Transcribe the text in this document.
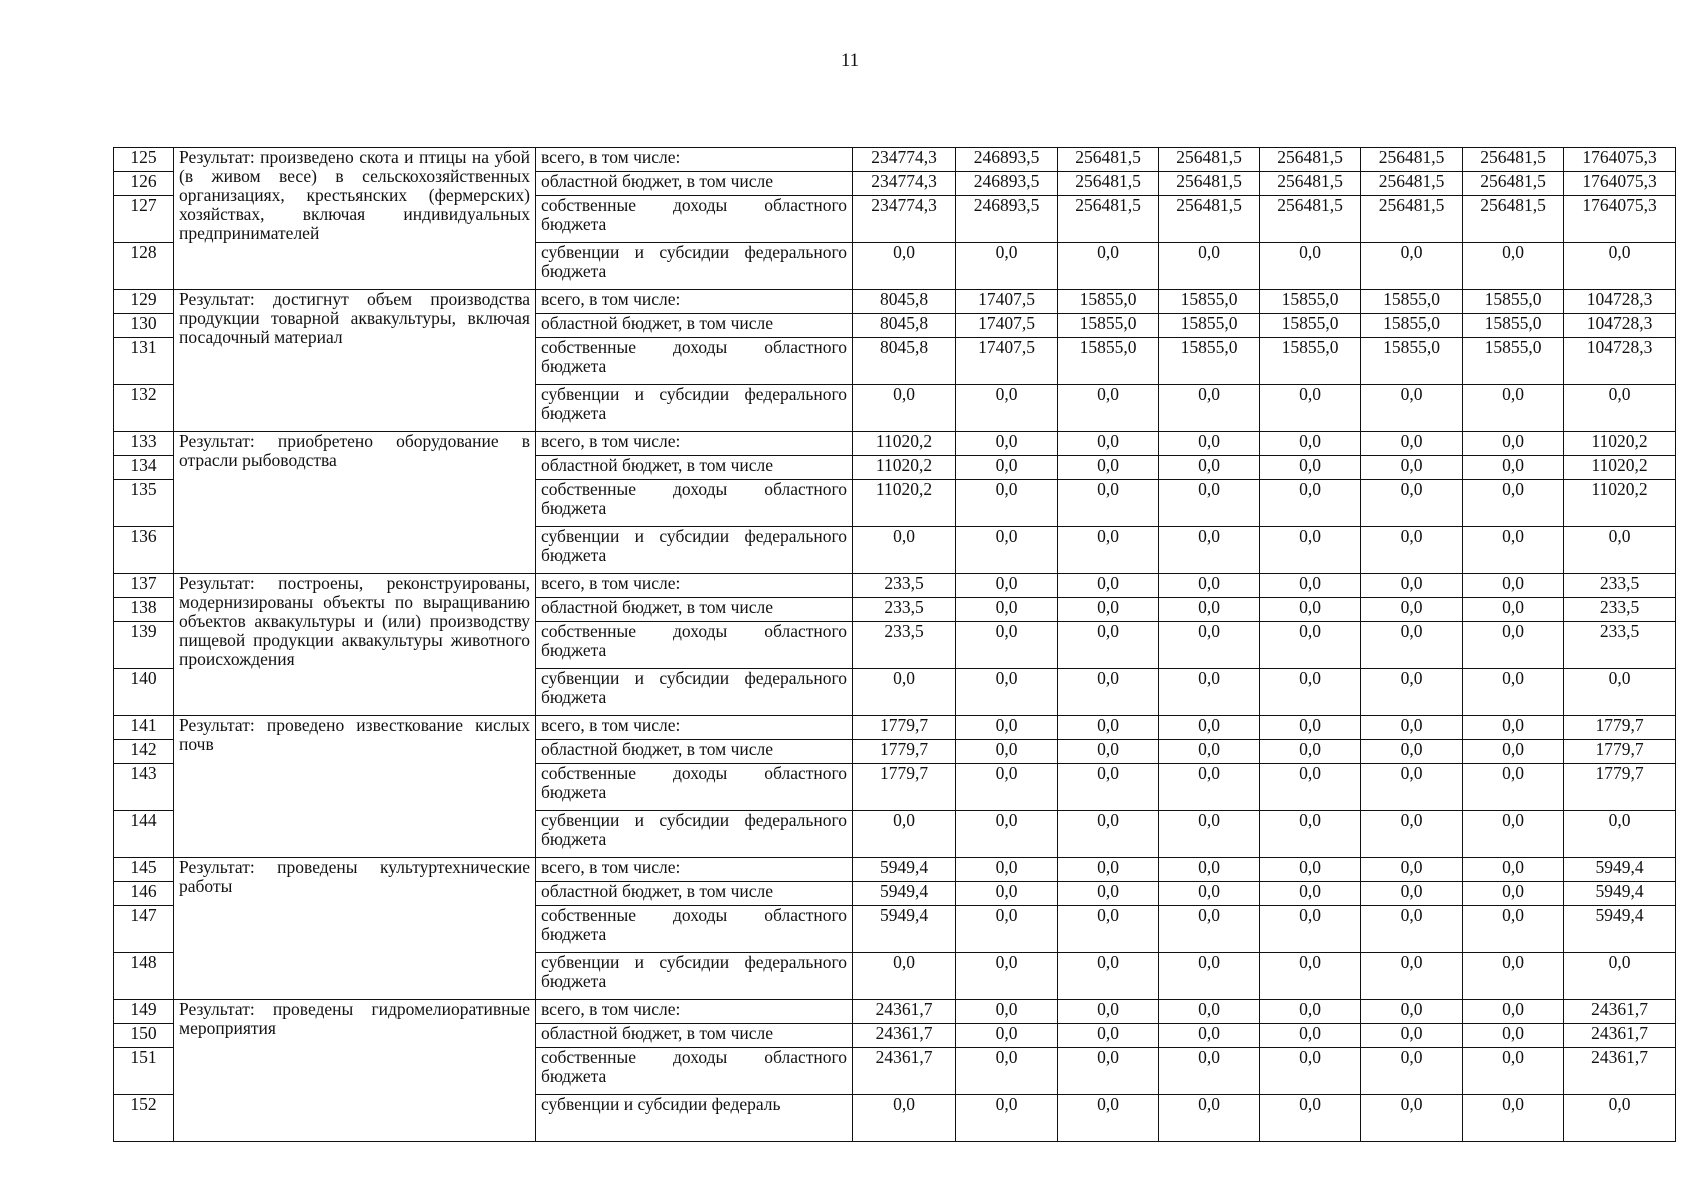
11
125	Результат: произведено скота и птицы на убой (в живом весе) в сельскохозяйственных организациях, крестьянских (фермерских) хозяйствах, включая индивидуальных предпринимателей	всего, в том числе:	234774,3	246893,5	256481,5	256481,5	256481,5	256481,5	256481,5	1764075,3
126		областной бюджет, в том числе	234774,3	246893,5	256481,5	256481,5	256481,5	256481,5	256481,5	1764075,3
127		собственные доходы областного бюджета	234774,3	246893,5	256481,5	256481,5	256481,5	256481,5	256481,5	1764075,3
128		субвенции и субсидии федерального бюджета	0,0	0,0	0,0	0,0	0,0	0,0	0,0	0,0
129	Результат: достигнут объем производства продукции товарной аквакультуры, включая посадочный материал	всего, в том числе:	8045,8	17407,5	15855,0	15855,0	15855,0	15855,0	15855,0	104728,3
130		областной бюджет, в том числе	8045,8	17407,5	15855,0	15855,0	15855,0	15855,0	15855,0	104728,3
131		собственные доходы областного бюджета	8045,8	17407,5	15855,0	15855,0	15855,0	15855,0	15855,0	104728,3
132		субвенции и субсидии федерального бюджета	0,0	0,0	0,0	0,0	0,0	0,0	0,0	0,0
133	Результат: приобретено оборудование в отрасли рыбоводства	всего, в том числе:	11020,2	0,0	0,0	0,0	0,0	0,0	0,0	11020,2
134		областной бюджет, в том числе	11020,2	0,0	0,0	0,0	0,0	0,0	0,0	11020,2
135		собственные доходы областного бюджета	11020,2	0,0	0,0	0,0	0,0	0,0	0,0	11020,2
136		субвенции и субсидии федерального бюджета	0,0	0,0	0,0	0,0	0,0	0,0	0,0	0,0
137	Результат: построены, реконструированы, модернизированы объекты по выращиванию объектов аквакультуры и (или) производству пищевой продукции аквакультуры животного происхождения	всего, в том числе:	233,5	0,0	0,0	0,0	0,0	0,0	0,0	233,5
138		областной бюджет, в том числе	233,5	0,0	0,0	0,0	0,0	0,0	0,0	233,5
139		собственные доходы областного бюджета	233,5	0,0	0,0	0,0	0,0	0,0	0,0	233,5
140		субвенции и субсидии федерального бюджета	0,0	0,0	0,0	0,0	0,0	0,0	0,0	0,0
141	Результат: проведено известкование кислых почв	всего, в том числе:	1779,7	0,0	0,0	0,0	0,0	0,0	0,0	1779,7
142		областной бюджет, в том числе	1779,7	0,0	0,0	0,0	0,0	0,0	0,0	1779,7
143		собственные доходы областного бюджета	1779,7	0,0	0,0	0,0	0,0	0,0	0,0	1779,7
144		субвенции и субсидии федерального бюджета	0,0	0,0	0,0	0,0	0,0	0,0	0,0	0,0
145	Результат: проведены культуртехнические работы	всего, в том числе:	5949,4	0,0	0,0	0,0	0,0	0,0	0,0	5949,4
146		областной бюджет, в том числе	5949,4	0,0	0,0	0,0	0,0	0,0	0,0	5949,4
147		собственные доходы областного бюджета	5949,4	0,0	0,0	0,0	0,0	0,0	0,0	5949,4
148		субвенции и субсидии федерального бюджета	0,0	0,0	0,0	0,0	0,0	0,0	0,0	0,0
149	Результат: проведены гидромелиоративные мероприятия	всего, в том числе:	24361,7	0,0	0,0	0,0	0,0	0,0	0,0	24361,7
150		областной бюджет, в том числе	24361,7	0,0	0,0	0,0	0,0	0,0	0,0	24361,7
151		собственные доходы областного бюджета	24361,7	0,0	0,0	0,0	0,0	0,0	0,0	24361,7
152		субвенции и субсидии федераль	0,0	0,0	0,0	0,0	0,0	0,0	0,0	0,0
